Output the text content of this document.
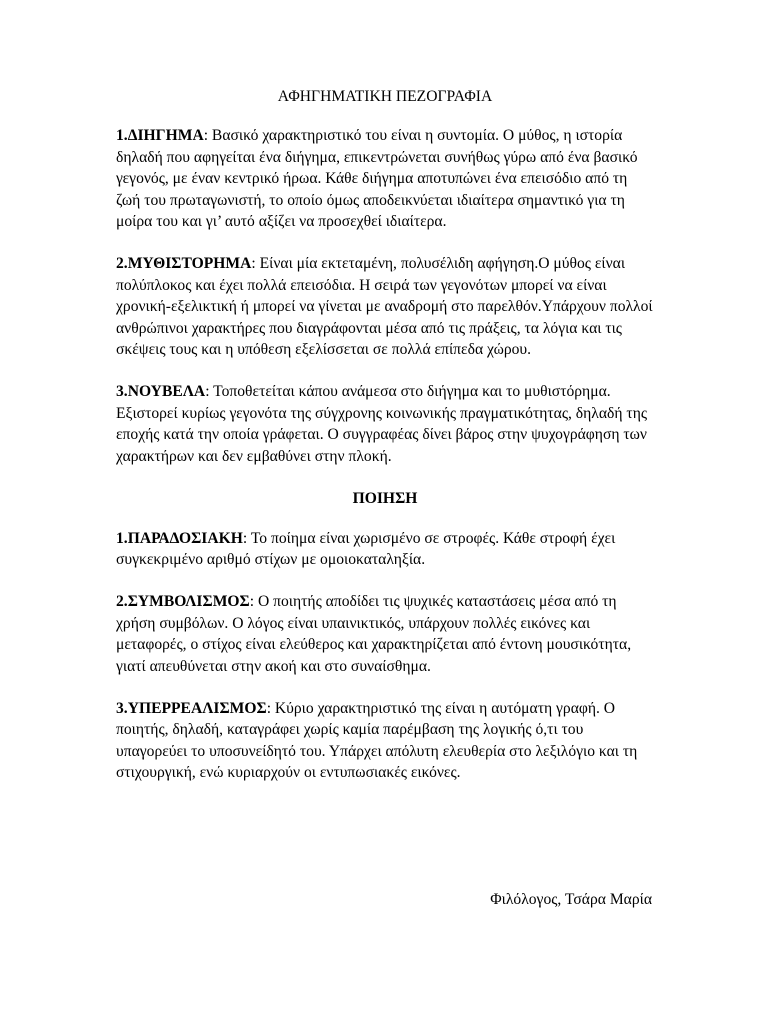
ΑΦΗΓΗΜΑΤΙΚΗ ΠΕΖΟΓΡΑΦΙΑ

1.ΔΙΗΓΗΜΑ: Βασικό χαρακτηριστικό του είναι η συντομία. Ο μύθος, η ιστορία δηλαδή που αφηγείται ένα διήγημα, επικεντρώνεται συνήθως γύρω από ένα βασικό γεγονός, με έναν κεντρικό ήρωα. Κάθε διήγημα αποτυπώνει ένα επεισόδιο από τη ζωή του πρωταγωνιστή, το οποίο όμως αποδεικνύεται ιδιαίτερα σημαντικό για τη μοίρα του και γι’ αυτό αξίζει να προσεχθεί ιδιαίτερα.

2.ΜΥΘΙΣΤΟΡΗΜΑ: Είναι μία εκτεταμένη, πολυσέλιδη αφήγηση.Ο μύθος είναι πολύπλοκος και έχει πολλά επεισόδια. Η σειρά των γεγονότων μπορεί να είναι χρονική-εξελικτική ή μπορεί να γίνεται με αναδρομή στο παρελθόν.Υπάρχουν πολλοί ανθρώπινοι χαρακτήρες που διαγράφονται μέσα από τις πράξεις, τα λόγια και τις σκέψεις τους και η υπόθεση εξελίσσεται σε πολλά επίπεδα χώρου.

3.ΝΟΥΒΕΛΑ: Τοποθετείται κάπου ανάμεσα στο διήγημα και το μυθιστόρημα. Εξιστορεί κυρίως γεγονότα της σύγχρονης κοινωνικής πραγματικότητας, δηλαδή της εποχής κατά την οποία γράφεται. Ο συγγραφέας δίνει βάρος στην ψυχογράφηση των χαρακτήρων και δεν εμβαθύνει στην πλοκή.

ΠΟΙΗΣΗ

1.ΠΑΡΑΔΟΣΙΑΚΗ: Το ποίημα είναι χωρισμένο σε στροφές. Κάθε στροφή έχει συγκεκριμένο αριθμό στίχων με ομοιοκαταληξία.

2.ΣΥΜΒΟΛΙΣΜΟΣ: Ο ποιητής αποδίδει τις ψυχικές καταστάσεις μέσα από τη χρήση συμβόλων. Ο λόγος είναι υπαινικτικός, υπάρχουν πολλές εικόνες και μεταφορές, ο στίχος είναι ελεύθερος και χαρακτηρίζεται από έντονη μουσικότητα, γιατί απευθύνεται στην ακοή και στο συναίσθημα.

3.ΥΠΕΡΡΕΑΛΙΣΜΟΣ: Κύριο χαρακτηριστικό της είναι η αυτόματη γραφή. Ο ποιητής, δηλαδή, καταγράφει χωρίς καμία παρέμβαση της λογικής ό,τι του υπαγορεύει το υποσυνείδητό του. Υπάρχει απόλυτη ελευθερία στο λεξιλόγιο και τη στιχουργική, ενώ κυριαρχούν οι εντυπωσιακές εικόνες.

Φιλόλογος, Τσάρα Μαρία
